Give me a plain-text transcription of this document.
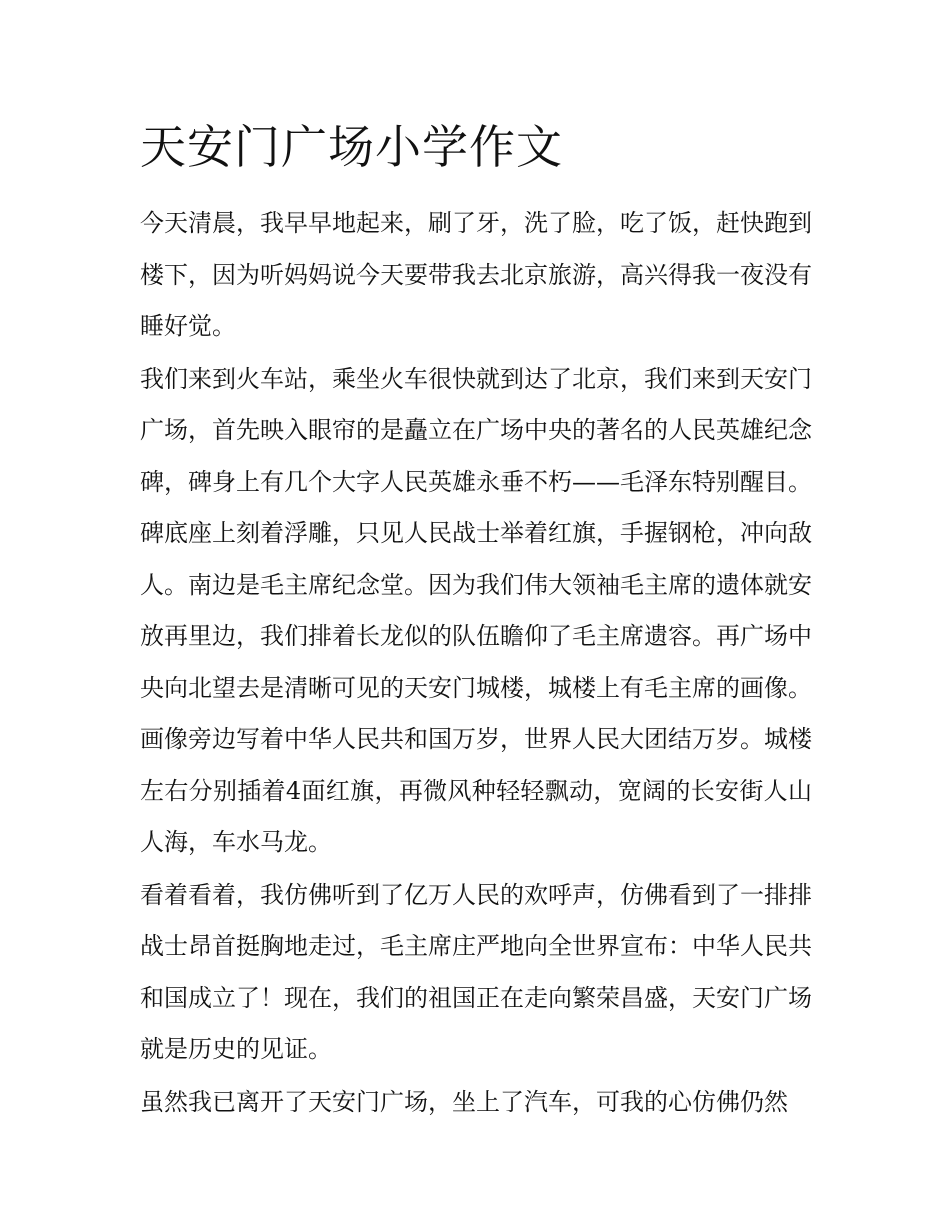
天安门广场小学作文

今天清晨，我早早地起来，刷了牙，洗了脸，吃了饭，赶快跑到楼下，因为听妈妈说今天要带我去北京旅游，高兴得我一夜没有睡好觉。

我们来到火车站，乘坐火车很快就到达了北京，我们来到天安门广场，首先映入眼帘的是矗立在广场中央的著名的人民英雄纪念碑，碑身上有几个大字人民英雄永垂不朽——毛泽东特别醒目。碑底座上刻着浮雕，只见人民战士举着红旗，手握钢枪，冲向敌人。南边是毛主席纪念堂。因为我们伟大领袖毛主席的遗体就安放再里边，我们排着长龙似的队伍瞻仰了毛主席遗容。再广场中央向北望去是清晰可见的天安门城楼，城楼上有毛主席的画像。画像旁边写着中华人民共和国万岁，世界人民大团结万岁。城楼左右分别插着4面红旗，再微风种轻轻飘动，宽阔的长安街人山人海，车水马龙。

看着看着，我仿佛听到了亿万人民的欢呼声，仿佛看到了一排排战士昂首挺胸地走过，毛主席庄严地向全世界宣布：中华人民共和国成立了！现在，我们的祖国正在走向繁荣昌盛，天安门广场就是历史的见证。

虽然我已离开了天安门广场，坐上了汽车，可我的心仿佛仍然
